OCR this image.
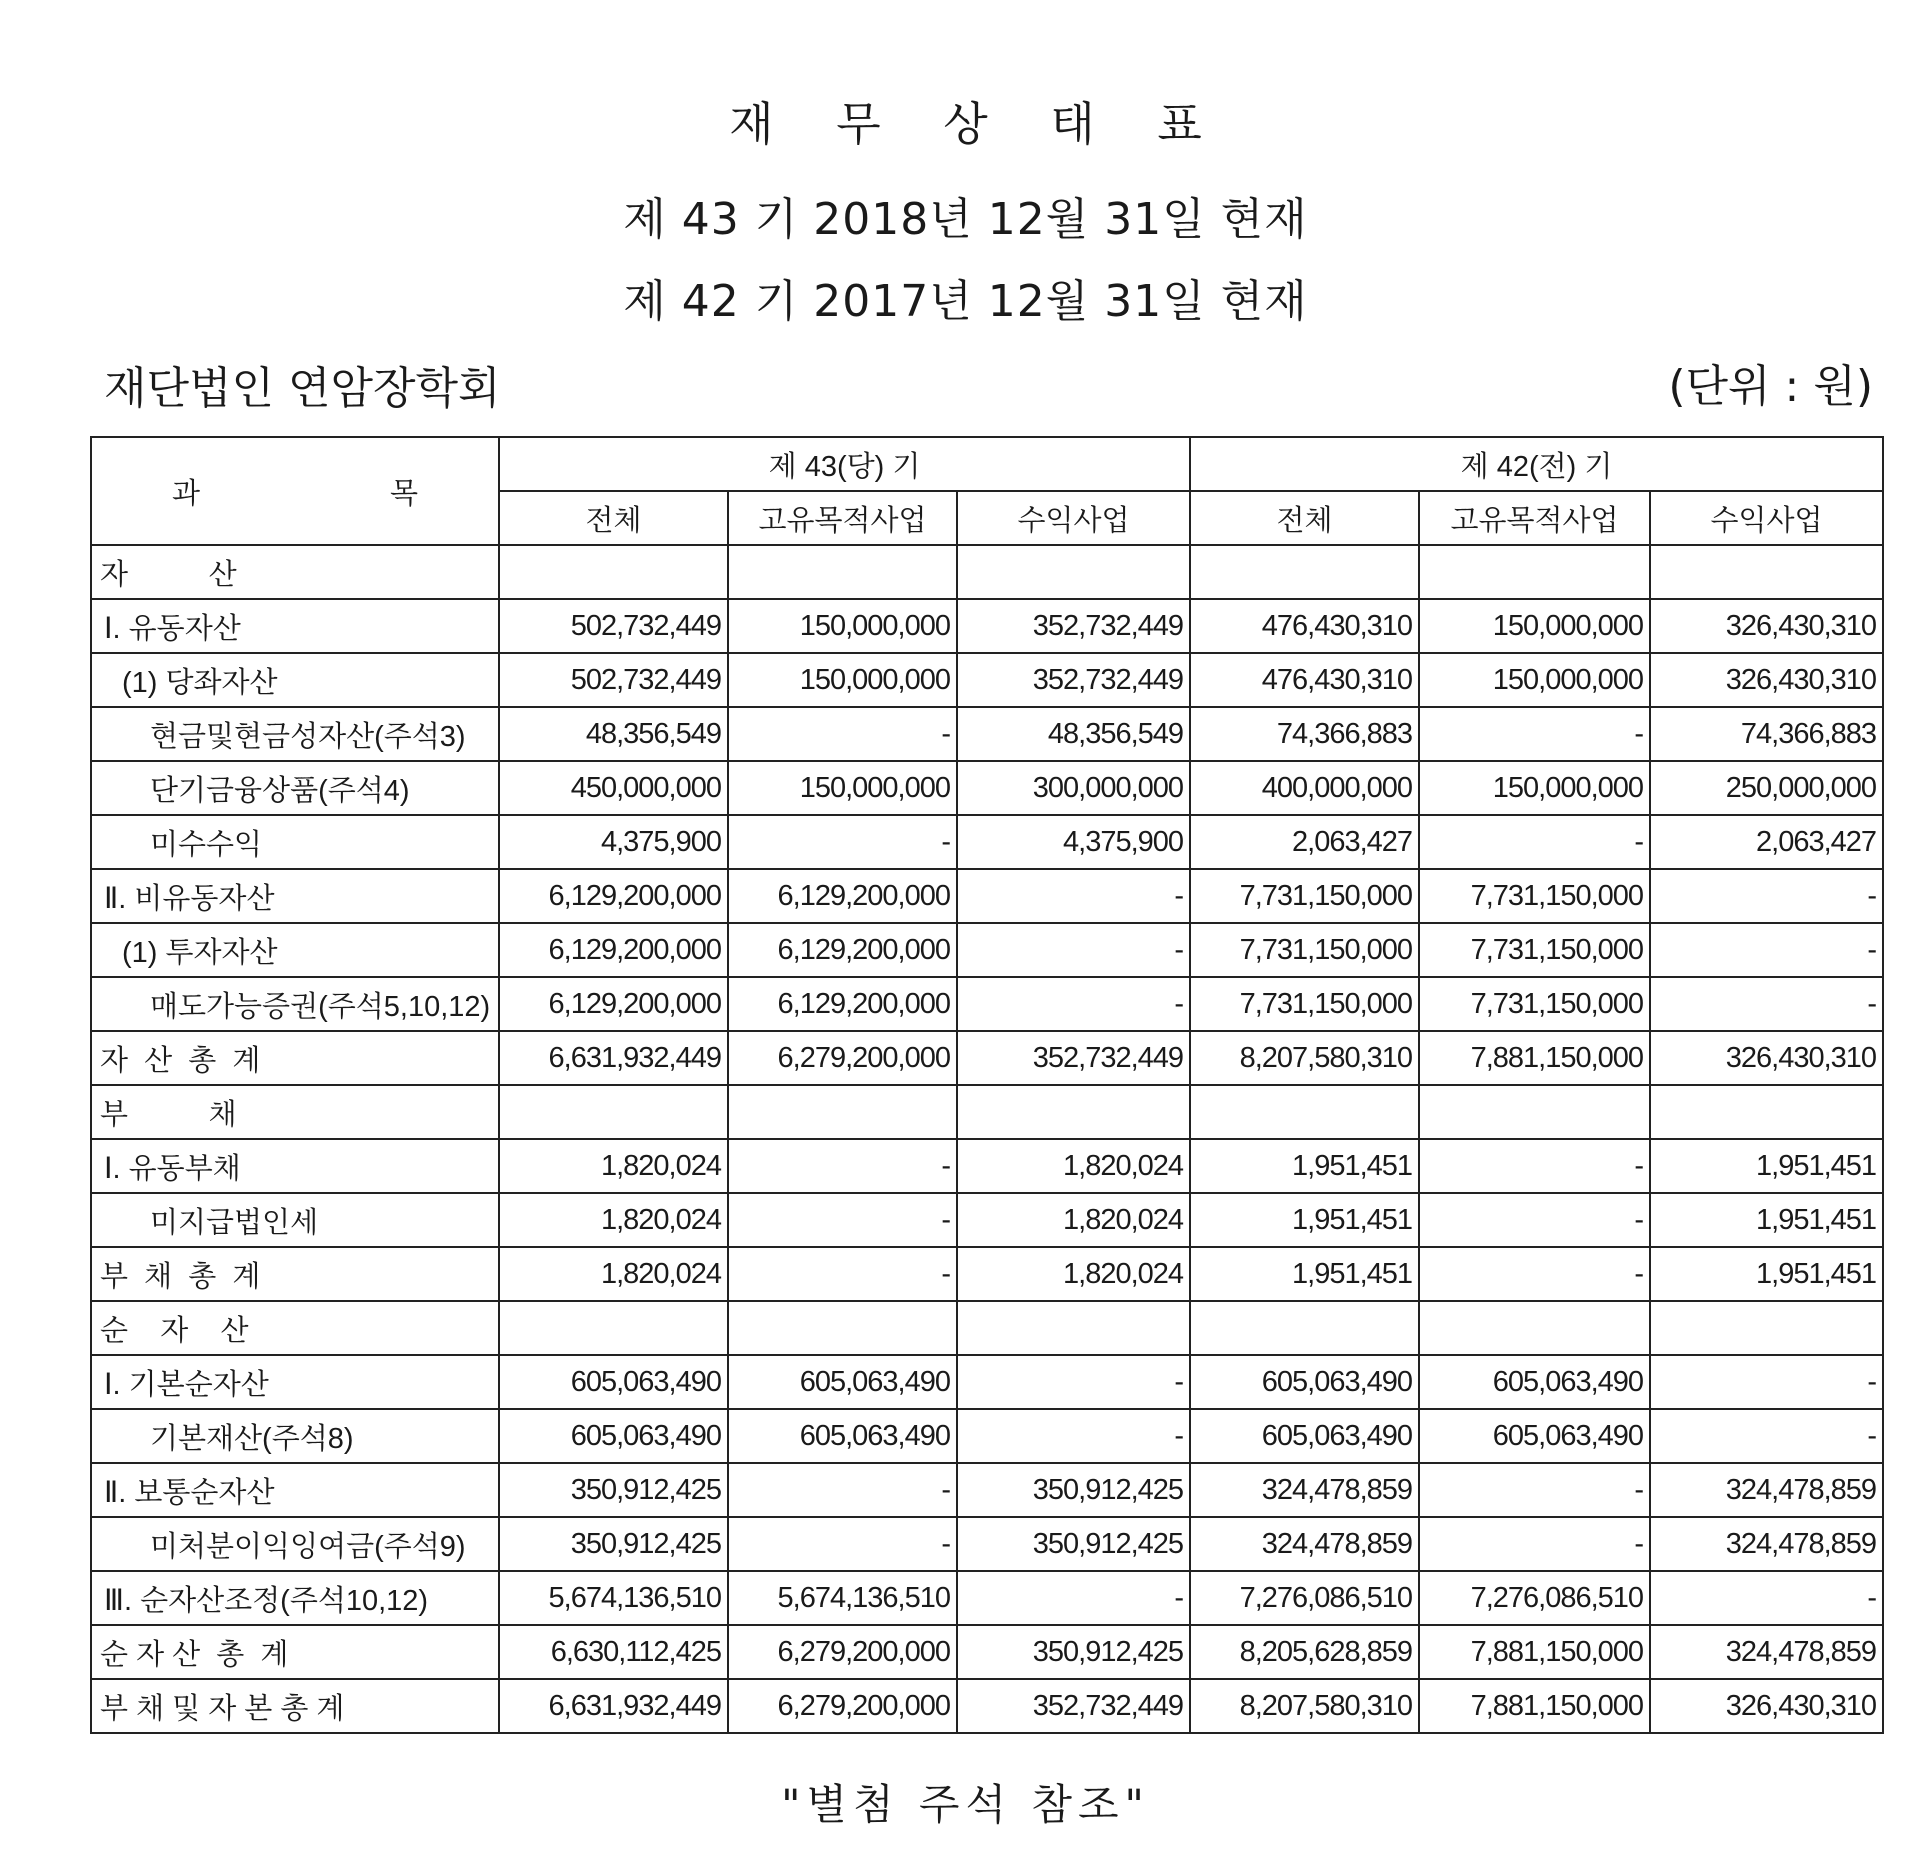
재 무 상 태 표
제 43 기 2018년 12월 31일 현재
제 42 기 2017년 12월 31일 현재
재단법인 연암장학회	(단위 : 원)
과 목	제 43(당) 기			제 42(전) 기		
	전체	고유목적사업	수익사업	전체	고유목적사업	수익사업
자          산						
Ⅰ. 유동자산	502,732,449	150,000,000	352,732,449	476,430,310	150,000,000	326,430,310
(1) 당좌자산	502,732,449	150,000,000	352,732,449	476,430,310	150,000,000	326,430,310
현금및현금성자산(주석3)	48,356,549	-	48,356,549	74,366,883	-	74,366,883
단기금융상품(주석4)	450,000,000	150,000,000	300,000,000	400,000,000	150,000,000	250,000,000
미수수익	4,375,900	-	4,375,900	2,063,427	-	2,063,427
Ⅱ. 비유동자산	6,129,200,000	6,129,200,000	-	7,731,150,000	7,731,150,000	-
(1) 투자자산	6,129,200,000	6,129,200,000	-	7,731,150,000	7,731,150,000	-
매도가능증권(주석5,10,12)	6,129,200,000	6,129,200,000	-	7,731,150,000	7,731,150,000	-
자  산  총  계	6,631,932,449	6,279,200,000	352,732,449	8,207,580,310	7,881,150,000	326,430,310
부          채						
Ⅰ. 유동부채	1,820,024	-	1,820,024	1,951,451	-	1,951,451
미지급법인세	1,820,024	-	1,820,024	1,951,451	-	1,951,451
부  채  총  계	1,820,024	-	1,820,024	1,951,451	-	1,951,451
순    자    산						
Ⅰ. 기본순자산	605,063,490	605,063,490	-	605,063,490	605,063,490	-
기본재산(주석8)	605,063,490	605,063,490	-	605,063,490	605,063,490	-
Ⅱ. 보통순자산	350,912,425	-	350,912,425	324,478,859	-	324,478,859
미처분이익잉여금(주석9)	350,912,425	-	350,912,425	324,478,859	-	324,478,859
Ⅲ. 순자산조정(주석10,12)	5,674,136,510	5,674,136,510	-	7,276,086,510	7,276,086,510	-
순 자 산  총  계	6,630,112,425	6,279,200,000	350,912,425	8,205,628,859	7,881,150,000	324,478,859
부 채 및 자 본 총 계	6,631,932,449	6,279,200,000	352,732,449	8,207,580,310	7,881,150,000	326,430,310
"별첨 주석 참조"
